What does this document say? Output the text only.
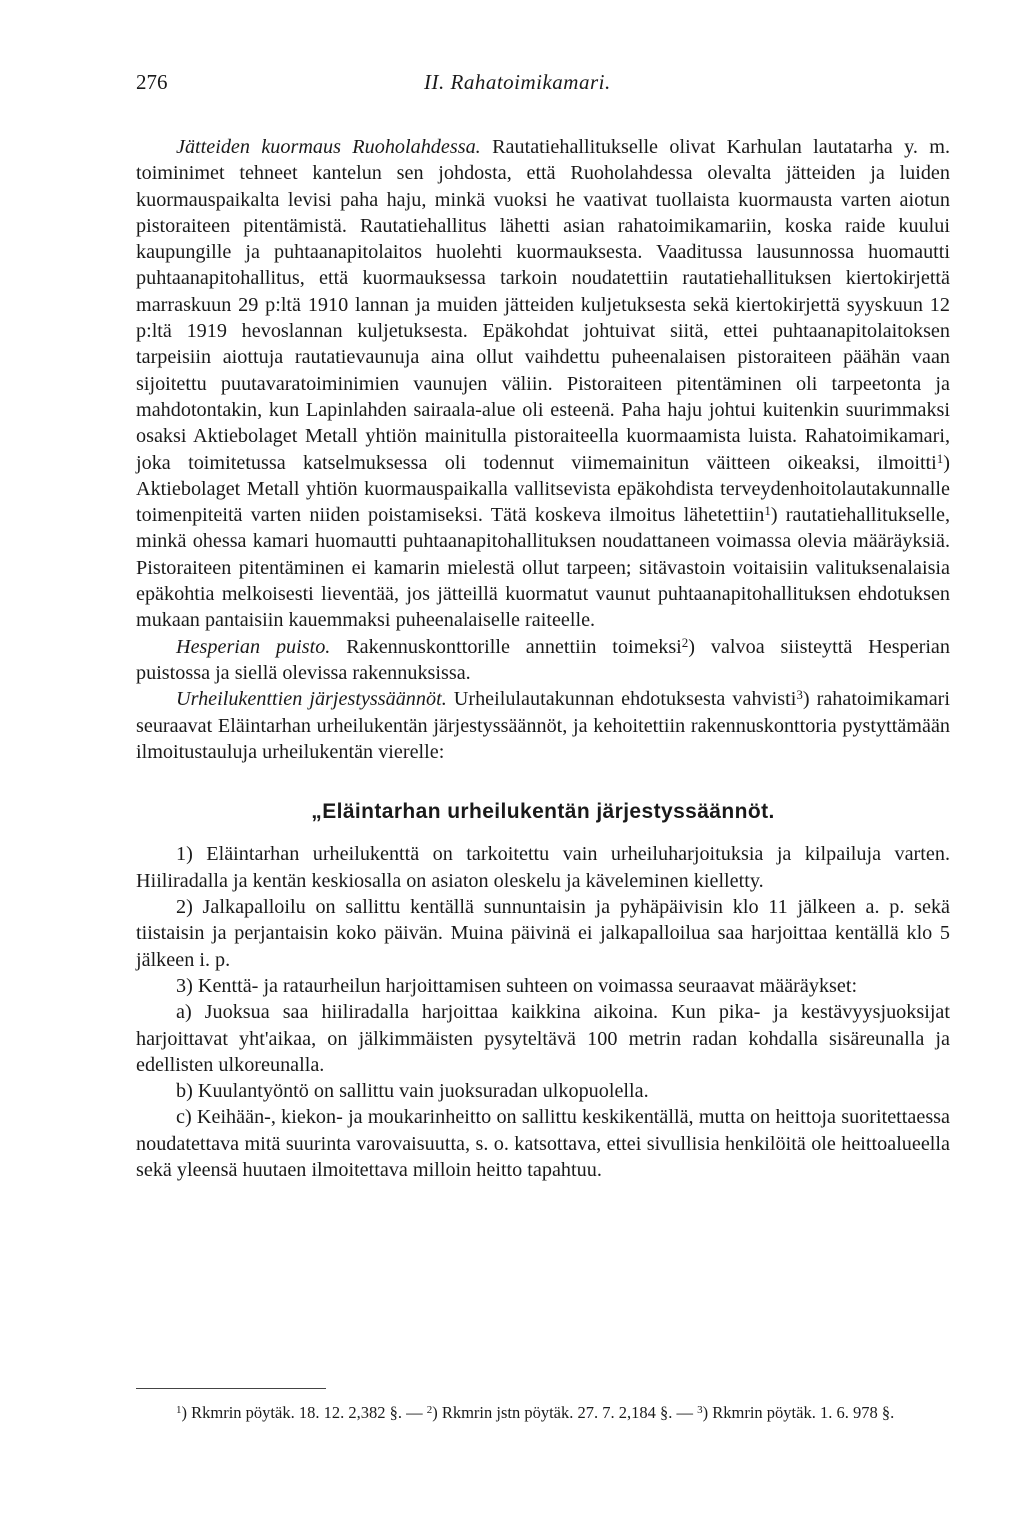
276	II. Rahatoimikamari.

Jätteiden kuormaus Ruoholahdessa. Rautatiehallitukselle olivat Karhulan lautatarha y. m. toiminimet tehneet kantelun sen johdosta, että Ruoholahdessa olevalta jätteiden ja luiden kuormauspaikalta levisi paha haju, minkä vuoksi he vaativat tuollaista kuormausta varten aiotun pistoraiteen pitentämistä. Rautatiehallitus lähetti asian rahatoimikamariin, koska raide kuului kaupungille ja puhtaanapitolaitos huolehti kuormauksesta. Vaaditussa lausunnossa huomautti puhtaanapitohallitus, että kuormauksessa tarkoin noudatettiin rautatiehallituksen kiertokirjettä marraskuun 29 p:ltä 1910 lannan ja muiden jätteiden kuljetuksesta sekä kiertokirjettä syyskuun 12 p:ltä 1919 hevoslannan kuljetuksesta. Epäkohdat johtuivat siitä, ettei puhtaanapitolaitoksen tarpeisiin aiottuja rautatievaunuja aina ollut vaihdettu puheenalaisen pistoraiteen päähän vaan sijoitettu puutavaratoiminimien vaunujen väliin. Pistoraiteen pitentäminen oli tarpeetonta ja mahdotontakin, kun Lapinlahden sairaala-alue oli esteenä. Paha haju johtui kuitenkin suurimmaksi osaksi Aktiebolaget Metall yhtiön mainitulla pistoraiteella kuormaamista luista. Rahatoimikamari, joka toimitetussa katselmuksessa oli todennut viimemainitun väitteen oikeaksi, ilmoitti$^1$) Aktiebolaget Metall yhtiön kuormauspaikalla vallitsevista epäkohdista terveydenhoitolautakunnalle toimenpiteitä varten niiden poistamiseksi. Tätä koskeva ilmoitus lähetettiin$^1$) rautatiehallitukselle, minkä ohessa kamari huomautti puhtaanapitohallituksen noudattaneen voimassa olevia määräyksiä. Pistoraiteen pitentäminen ei kamarin mielestä ollut tarpeen; sitävastoin voitaisiin valituksenalaisia epäkohtia melkoisesti lieventää, jos jätteillä kuormatut vaunut puhtaanapitohallituksen ehdotuksen mukaan pantaisiin kauemmaksi puheenalaiselle raiteelle.

Hesperian puisto. Rakennuskonttorille annettiin toimeksi$^2$) valvoa siisteyttä Hesperian puistossa ja siellä olevissa rakennuksissa.

Urheilukenttien järjestyssäännöt. Urheilulautakunnan ehdotuksesta vahvisti$^3$) rahatoimikamari seuraavat Eläintarhan urheilukentän järjestyssäännöt, ja kehoitettiin rakennuskonttoria pystyttämään ilmoitustauluja urheilukentän vierelle:

„Eläintarhan urheilukentän järjestyssäännöt.

1) Eläintarhan urheilukenttä on tarkoitettu vain urheiluharjoituksia ja kilpailuja varten. Hiiliradalla ja kentän keskiosalla on asiaton oleskelu ja käveleminen kielletty.

2) Jalkapalloilu on sallittu kentällä sunnuntaisin ja pyhäpäivisin klo 11 jälkeen a. p. sekä tiistaisin ja perjantaisin koko päivän. Muina päivinä ei jalkapalloilua saa harjoittaa kentällä klo 5 jälkeen i. p.

3) Kenttä- ja rataurheilun harjoittamisen suhteen on voimassa seuraavat määräykset:

a) Juoksua saa hiiliradalla harjoittaa kaikkina aikoina. Kun pika- ja kestävyysjuoksijat harjoittavat yht'aikaa, on jälkimmäisten pysyteltävä 100 metrin radan kohdalla sisäreunalla ja edellisten ulkoreunalla.

b) Kuulantyöntö on sallittu vain juoksuradan ulkopuolella.

c) Keihään-, kiekon- ja moukarinheitto on sallittu keskikentällä, mutta on heittoja suoritettaessa noudatettava mitä suurinta varovaisuutta, s. o. katsottava, ettei sivullisia henkilöitä ole heittoalueella sekä yleensä huutaen ilmoitettava milloin heitto tapahtuu.

$^1$) Rkmrin pöytäk. 18. 12. 2,382 §. — $^2$) Rkmrin jstn pöytäk. 27. 7. 2,184 §. — $^3$) Rkmrin pöytäk. 1. 6. 978 §.
